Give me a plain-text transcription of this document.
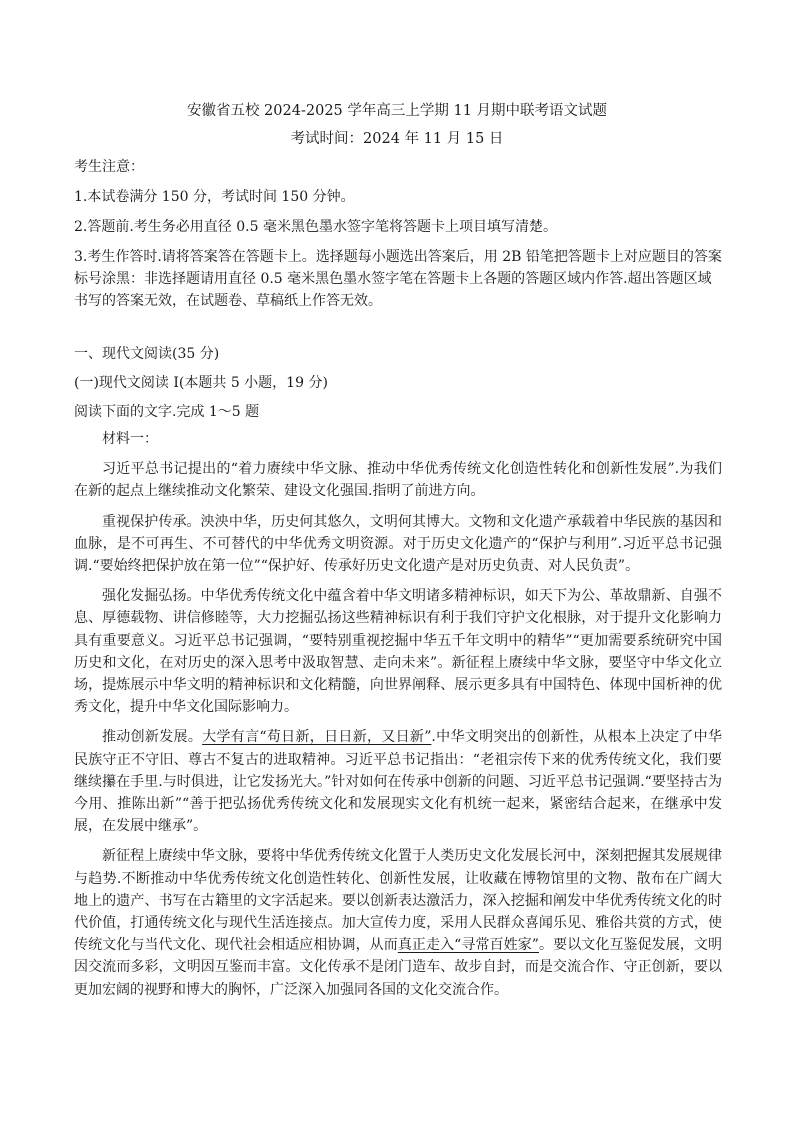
安徽省五校 2024-2025 学年高三上学期 11 月期中联考语文试题
考试时间：2024 年 11 月 15 日

考生注意：

1.本试卷满分 150 分，考试时间 150 分钟。

2.答题前.考生务必用直径 0.5 毫米黑色墨水签字笔将答题卡上项目填写清楚。

3.考生作答时.请将答案答在答题卡上。选择题每小题选出答案后，用 2B 铅笔把答题卡上对应题目的答案标号涂黑：非选择题请用直径 0.5 毫米黑色墨水签字笔在答题卡上各题的答题区域内作答.超出答题区域书写的答案无效，在试题卷、草稿纸上作答无效。

一、现代文阅读(35 分)
(一)现代文阅读 I(本题共 5 小题，19 分)
阅读下面的文字.完成 1～5 题

材料一：

习近平总书记提出的“着力赓续中华文脉、推动中华优秀传统文化创造性转化和创新性发展”.为我们在新的起点上继续推动文化繁荣、建设文化强国.指明了前进方向。

重视保护传承。泱泱中华，历史何其悠久，文明何其博大。文物和文化遗产承载着中华民族的基因和血脉，是不可再生、不可替代的中华优秀文明资源。对于历史文化遗产的“保护与利用”.习近平总书记强调.“要始终把保护放在第一位”“保护好、传承好历史文化遗产是对历史负责、对人民负责”。

强化发掘弘扬。中华优秀传统文化中蕴含着中华文明诸多精神标识，如天下为公、革故鼎新、自强不息、厚德载物、讲信修睦等，大力挖掘弘扬这些精神标识有利于我们守护文化根脉，对于提升文化影响力具有重要意义。习近平总书记强调，“要特别重视挖掘中华五千年文明中的精华”“更加需要系统研究中国历史和文化，在对历史的深入思考中汲取智慧、走向未来”。新征程上赓续中华文脉，要坚守中华文化立场，提炼展示中华文明的精神标识和文化精髓，向世界阐释、展示更多具有中国特色、体现中国析神的优秀文化，提升中华文化国际影响力。

推动创新发展。大学有言“苟日新，日日新，又日新”.中华文明突出的创新性，从根本上决定了中华民族守正不守旧、尊古不复古的进取精神。习近平总书记指出：“老祖宗传下来的优秀传统文化，我们要继续攥在手里.与时俱进，让它发扬光大。”针对如何在传承中创新的问题、习近平总书记强调.“要坚持古为今用、推陈出新”“善于把弘扬优秀传统文化和发展现实文化有机统一起来，紧密结合起来，在继承中发展，在发展中继承”。

新征程上赓续中华文脉，要将中华优秀传统文化置于人类历史文化发展长河中，深刻把握其发展规律与趋势.不断推动中华优秀传统文化创造性转化、创新性发展，让收藏在博物馆里的文物、散布在广阔大地上的遗产、书写在古籍里的文字活起来。要以创新表达激活力，深入挖掘和阐发中华优秀传统文化的时代价值，打通传统文化与现代生活连接点。加大宣传力度，采用人民群众喜闻乐见、雅俗共赏的方式，使传统文化与当代文化、现代社会相适应相协调，从而真正走入“寻常百姓家”。要以文化互鉴促发展，文明因交流而多彩，文明因互鉴而丰富。文化传承不是闭门造车、故步自封，而是交流合作、守正创新，要以更加宏阔的视野和博大的胸怀，广泛深入加强同各国的文化交流合作。
